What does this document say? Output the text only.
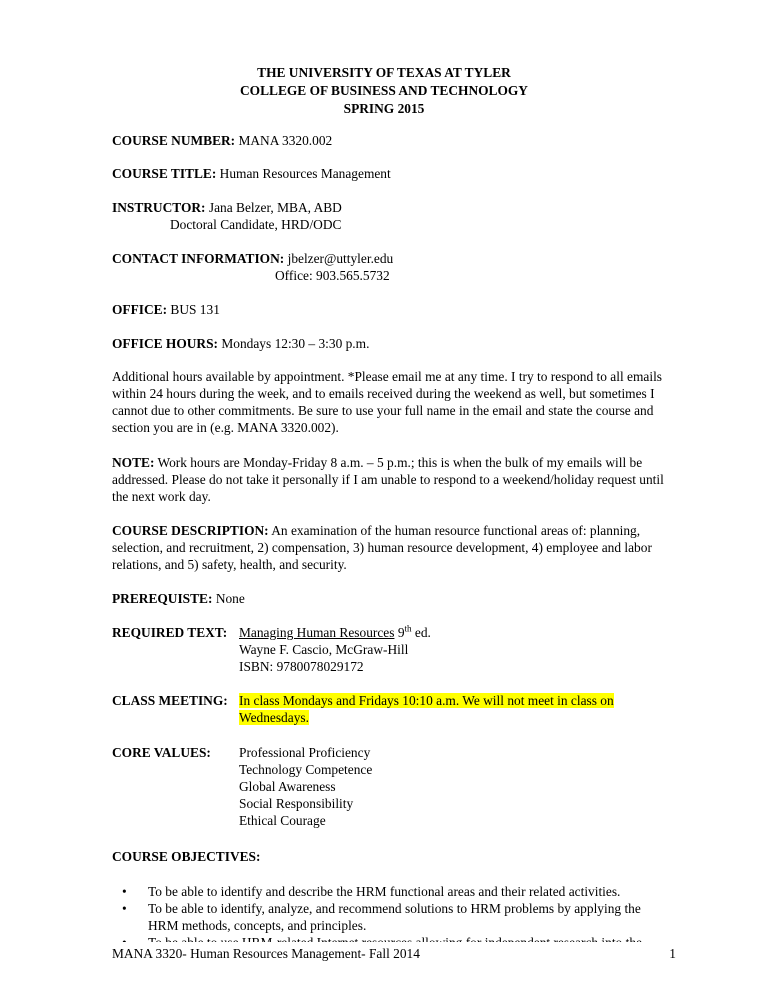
THE UNIVERSITY OF TEXAS AT TYLER
COLLEGE OF BUSINESS AND TECHNOLOGY
SPRING 2015
COURSE NUMBER: MANA 3320.002
COURSE TITLE: Human Resources Management
INSTRUCTOR: Jana Belzer, MBA, ABD
Doctoral Candidate, HRD/ODC
CONTACT INFORMATION: jbelzer@uttyler.edu
Office: 903.565.5732
OFFICE: BUS 131
OFFICE HOURS: Mondays 12:30 – 3:30 p.m.
Additional hours available by appointment. *Please email me at any time. I try to respond to all emails within 24 hours during the week, and to emails received during the weekend as well, but sometimes I cannot due to other commitments. Be sure to use your full name in the email and state the course and section you are in (e.g. MANA 3320.002).
NOTE: Work hours are Monday-Friday 8 a.m. – 5 p.m.; this is when the bulk of my emails will be addressed. Please do not take it personally if I am unable to respond to a weekend/holiday request until the next work day.
COURSE DESCRIPTION: An examination of the human resource functional areas of: planning, selection, and recruitment, 2) compensation, 3) human resource development, 4) employee and labor relations, and 5) safety, health, and security.
PREREQUISTE: None
REQUIRED TEXT: Managing Human Resources 9th ed.
Wayne F. Cascio, McGraw-Hill
ISBN: 9780078029172
CLASS MEETING: In class Mondays and Fridays 10:10 a.m. We will not meet in class on
Wednesdays.
CORE VALUES: Professional Proficiency
Technology Competence
Global Awareness
Social Responsibility
Ethical Courage
COURSE OBJECTIVES:
• To be able to identify and describe the HRM functional areas and their related activities.
• To be able to identify, analyze, and recommend solutions to HRM problems by applying the HRM methods, concepts, and principles.
MANA 3320- Human Resources Management- Fall 2014	1
